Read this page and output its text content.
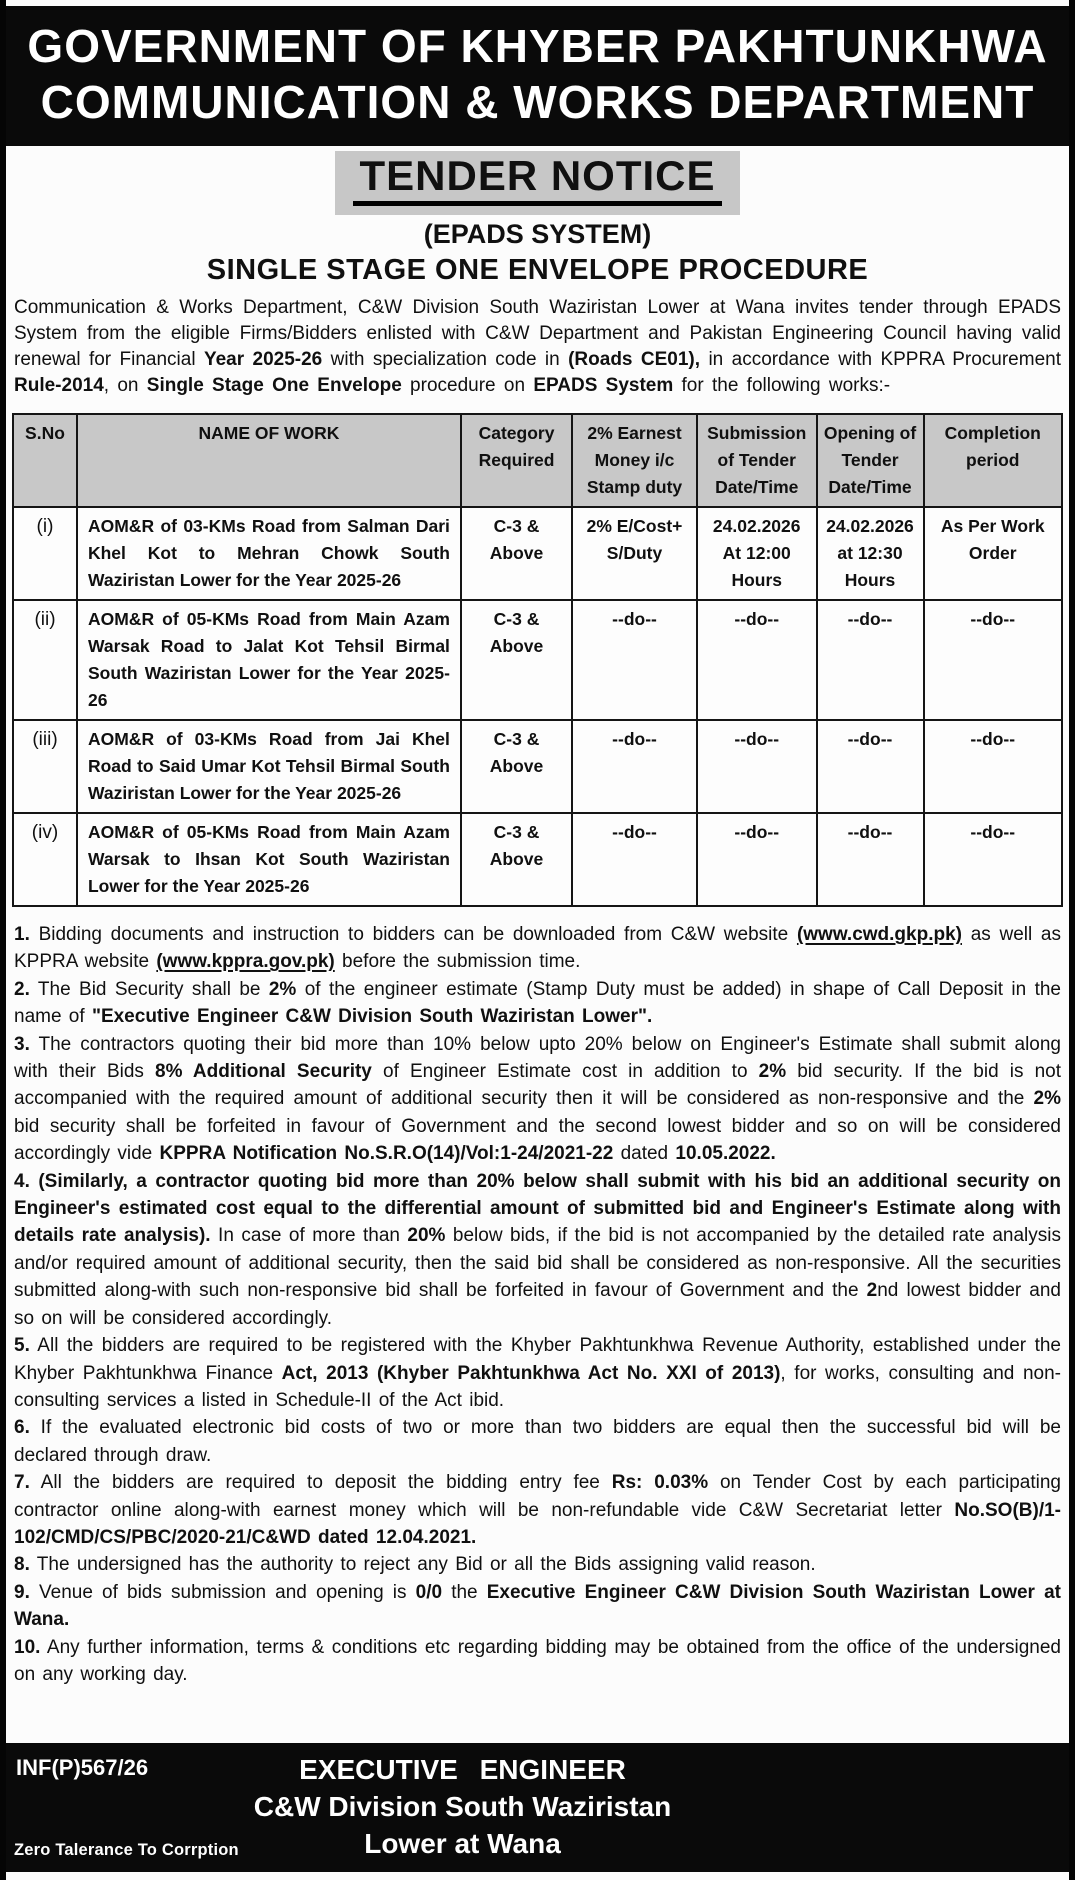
GOVERNMENT OF KHYBER PAKHTUNKHWA
COMMUNICATION & WORKS DEPARTMENT
TENDER NOTICE
(EPADS SYSTEM)
SINGLE STAGE ONE ENVELOPE PROCEDURE

Communication & Works Department, C&W Division South Waziristan Lower at Wana invites tender through EPADS System from the eligible Firms/Bidders enlisted with C&W Department and Pakistan Engineering Council having valid renewal for Financial Year 2025-26 with specialization code in (Roads CE01), in accordance with KPPRA Procurement Rule-2014, on Single Stage One Envelope procedure on EPADS System for the following works:-

S.No	NAME OF WORK	Category Required	2% Earnest Money i/c Stamp duty	Submission of Tender Date/Time	Opening of Tender Date/Time	Completion period
(i)	AOM&R of 03-KMs Road from Salman Dari Khel Kot to Mehran Chowk South Waziristan Lower for the Year 2025-26	C-3 & Above	2% E/Cost+ S/Duty	24.02.2026 At 12:00 Hours	24.02.2026 at 12:30 Hours	As Per Work Order
(ii)	AOM&R of 05-KMs Road from Main Azam Warsak Road to Jalat Kot Tehsil Birmal South Waziristan Lower for the Year 2025-26	C-3 & Above	--do--	--do--	--do--	--do--
(iii)	AOM&R of 03-KMs Road from Jai Khel Road to Said Umar Kot Tehsil Birmal South Waziristan Lower for the Year 2025-26	C-3 & Above	--do--	--do--	--do--	--do--
(iv)	AOM&R of 05-KMs Road from Main Azam Warsak to Ihsan Kot South Waziristan Lower for the Year 2025-26	C-3 & Above	--do--	--do--	--do--	--do--

1. Bidding documents and instruction to bidders can be downloaded from C&W website (www.cwd.gkp.pk) as well as KPPRA website (www.kppra.gov.pk) before the submission time.

2. The Bid Security shall be 2% of the engineer estimate (Stamp Duty must be added) in shape of Call Deposit in the name of "Executive Engineer C&W Division South Waziristan Lower".

3. The contractors quoting their bid more than 10% below upto 20% below on Engineer's Estimate shall submit along with their Bids 8% Additional Security of Engineer Estimate cost in addition to 2% bid security. If the bid is not accompanied with the required amount of additional security then it will be considered as non-responsive and the 2% bid security shall be forfeited in favour of Government and the second lowest bidder and so on will be considered accordingly vide KPPRA Notification No.S.R.O(14)/Vol:1-24/2021-22 dated 10.05.2022.

4. (Similarly, a contractor quoting bid more than 20% below shall submit with his bid an additional security on Engineer's estimated cost equal to the differential amount of submitted bid and Engineer's Estimate along with details rate analysis). In case of more than 20% below bids, if the bid is not accompanied by the detailed rate analysis and/or required amount of additional security, then the said bid shall be considered as non-responsive. All the securities submitted along-with such non-responsive bid shall be forfeited in favour of Government and the 2nd lowest bidder and so on will be considered accordingly.

5. All the bidders are required to be registered with the Khyber Pakhtunkhwa Revenue Authority, established under the Khyber Pakhtunkhwa Finance Act, 2013 (Khyber Pakhtunkhwa Act No. XXI of 2013), for works, consulting and non-consulting services a listed in Schedule-II of the Act ibid.

6. If the evaluated electronic bid costs of two or more than two bidders are equal then the successful bid will be declared through draw.

7. All the bidders are required to deposit the bidding entry fee Rs: 0.03% on Tender Cost by each participating contractor online along-with earnest money which will be non-refundable vide C&W Secretariat letter No.SO(B)/1-102/CMD/CS/PBC/2020-21/C&WD dated 12.04.2021.

8. The undersigned has the authority to reject any Bid or all the Bids assigning valid reason.

9. Venue of bids submission and opening is 0/0 the Executive Engineer C&W Division South Waziristan Lower at Wana.

10. Any further information, terms & conditions etc regarding bidding may be obtained from the office of the undersigned on any working day.

INF(P)567/26	EXECUTIVE ENGINEER
C&W Division South Waziristan
Lower at Wana
Zero Talerance To Corrption
